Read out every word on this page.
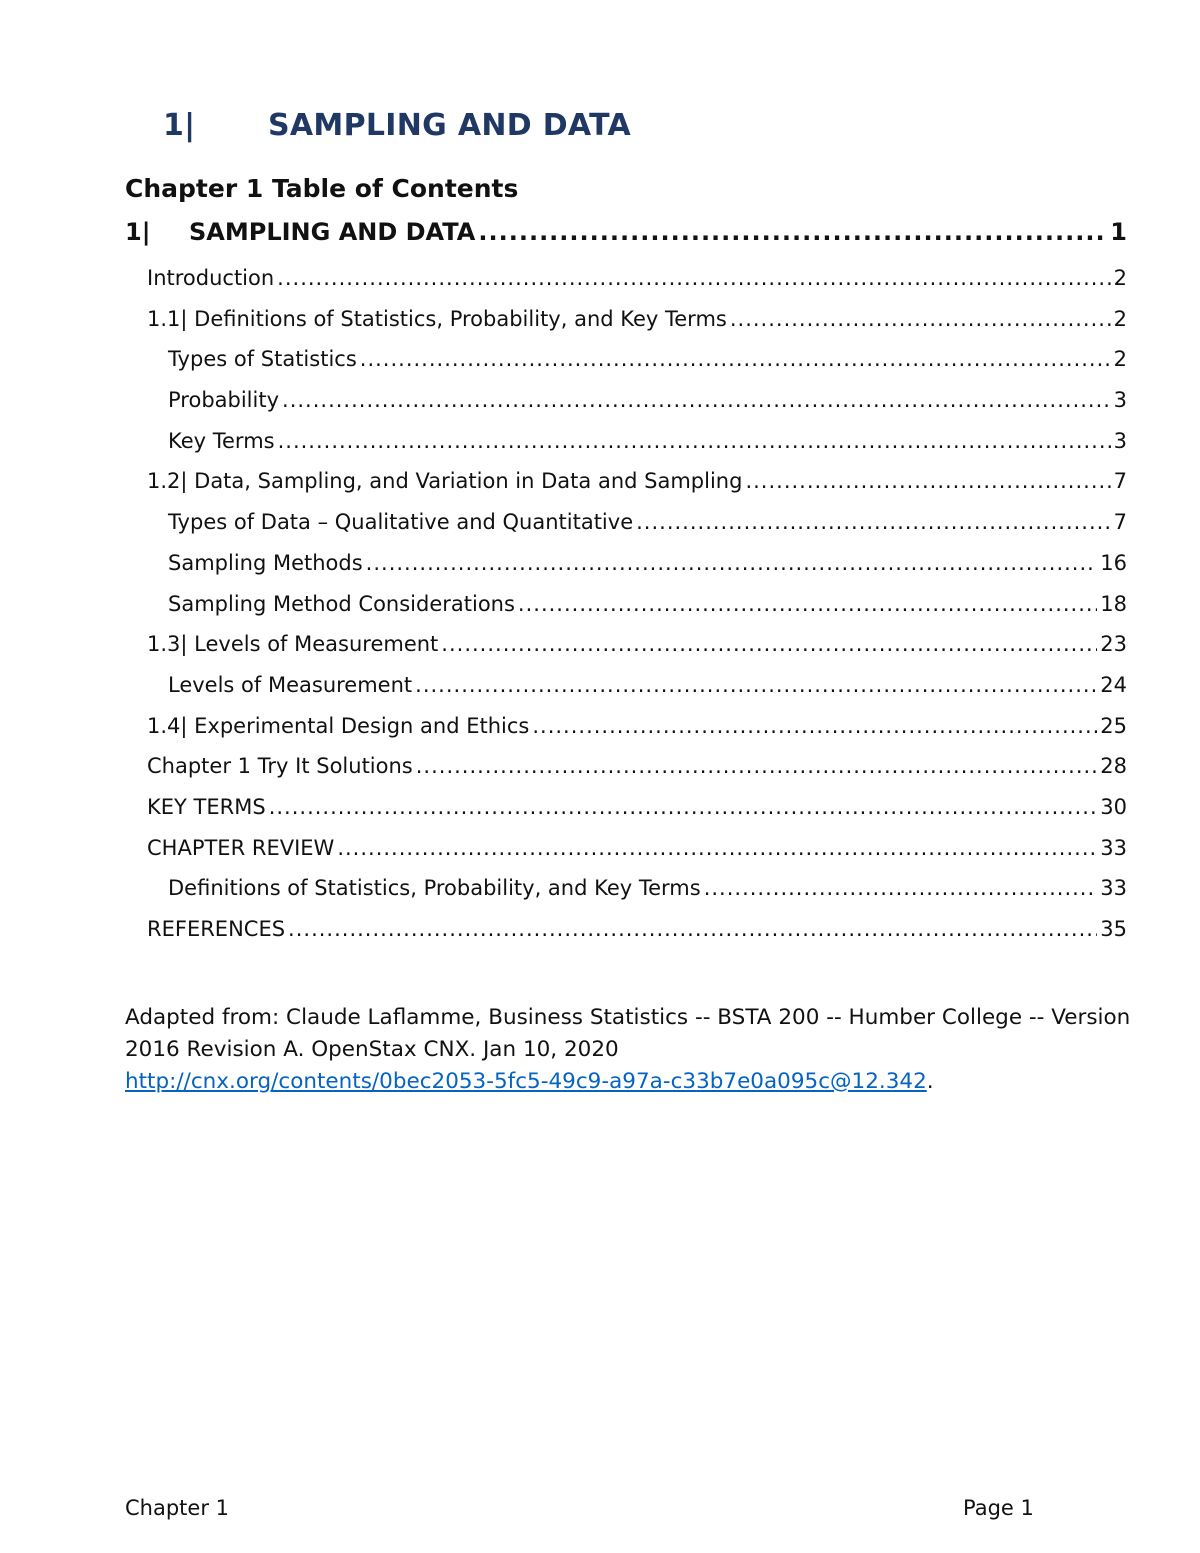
1| SAMPLING AND DATA
Chapter 1 Table of Contents
1| SAMPLING AND DATA .....	1
Introduction .....	2
1.1| Definitions of Statistics, Probability, and Key Terms .....	2
Types of Statistics .....	2
Probability .....	3
Key Terms .....	3
1.2| Data, Sampling, and Variation in Data and Sampling .....	7
Types of Data – Qualitative and Quantitative .....	7
Sampling Methods .....	16
Sampling Method Considerations .....	18
1.3| Levels of Measurement .....	23
Levels of Measurement .....	24
1.4| Experimental Design and Ethics .....	25
Chapter 1 Try It Solutions .....	28
KEY TERMS .....	30
CHAPTER REVIEW .....	33
Definitions of Statistics, Probability, and Key Terms .....	33
REFERENCES .....	35
Adapted from: Claude Laflamme, Business Statistics -- BSTA 200 -- Humber College -- Version 2016 Revision A. OpenStax CNX. Jan 10, 2020
http://cnx.org/contents/0bec2053-5fc5-49c9-a97a-c33b7e0a095c@12.342.
Chapter 1	Page 1
